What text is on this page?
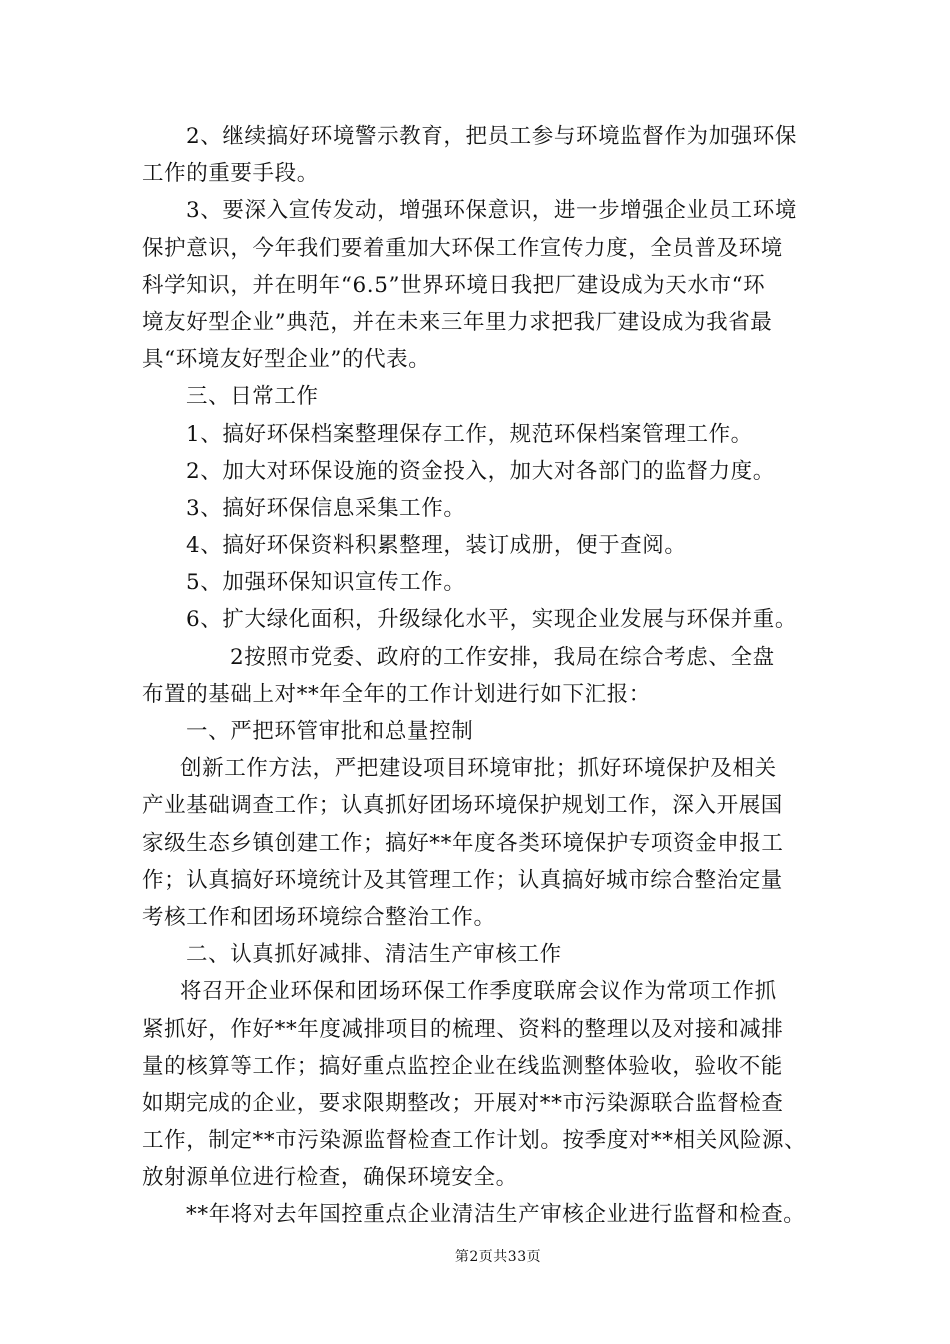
2、继续搞好环境警示教育，把员工参与环境监督作为加强环保
工作的重要手段。
3、要深入宣传发动，增强环保意识，进一步增强企业员工环境
保护意识，今年我们要着重加大环保工作宣传力度，全员普及环境
科学知识，并在明年“6.5”世界环境日我把厂建设成为天水市“环
境友好型企业”典范，并在未来三年里力求把我厂建设成为我省最
具“环境友好型企业”的代表。
三、日常工作
1、搞好环保档案整理保存工作，规范环保档案管理工作。
2、加大对环保设施的资金投入，加大对各部门的监督力度。
3、搞好环保信息采集工作。
4、搞好环保资料积累整理，装订成册，便于查阅。
5、加强环保知识宣传工作。
6、扩大绿化面积，升级绿化水平，实现企业发展与环保并重。
2按照市党委、政府的工作安排，我局在综合考虑、全盘
布置的基础上对**年全年的工作计划进行如下汇报：
一、严把环管审批和总量控制
创新工作方法，严把建设项目环境审批；抓好环境保护及相关
产业基础调查工作；认真抓好团场环境保护规划工作，深入开展国
家级生态乡镇创建工作；搞好**年度各类环境保护专项资金申报工
作；认真搞好环境统计及其管理工作；认真搞好城市综合整治定量
考核工作和团场环境综合整治工作。
二、认真抓好减排、清洁生产审核工作
将召开企业环保和团场环保工作季度联席会议作为常项工作抓
紧抓好，作好**年度减排项目的梳理、资料的整理以及对接和减排
量的核算等工作；搞好重点监控企业在线监测整体验收，验收不能
如期完成的企业，要求限期整改；开展对**市污染源联合监督检查
工作，制定**市污染源监督检查工作计划。按季度对**相关风险源、
放射源单位进行检查，确保环境安全。
**年将对去年国控重点企业清洁生产审核企业进行监督和检查。
第2页共33页
